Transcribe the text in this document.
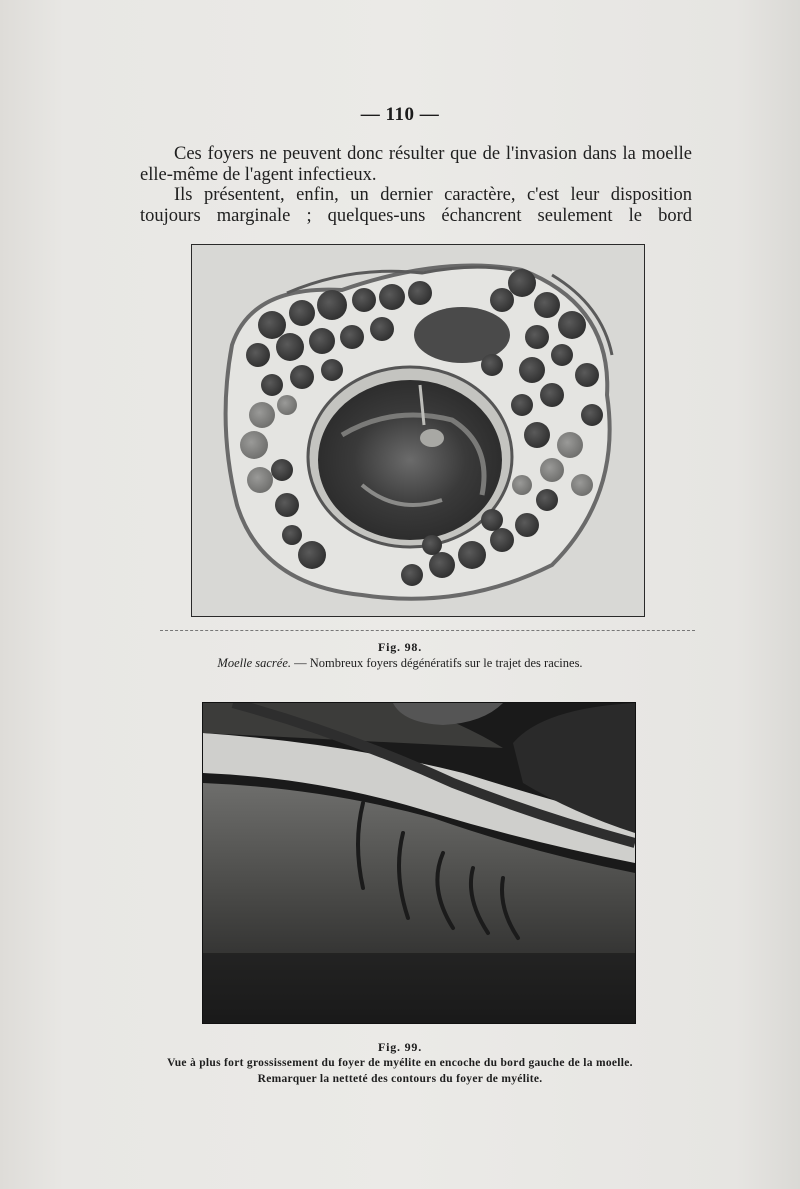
— 110 —

Ces foyers ne peuvent donc résulter que de l'invasion dans la moelle elle-même de l'agent infectieux.

Ils présentent, enfin, un dernier caractère, c'est leur disposition toujours marginale ; quelques-uns échancrent seulement le bord

Fig. 98.
Moelle sacrée. — Nombreux foyers dégénératifs sur le trajet des racines.
Fig. 99.
Vue à plus fort grossissement du foyer de myélite en encoche du bord gauche de la moelle.
Remarquer la netteté des contours du foyer de myélite.
